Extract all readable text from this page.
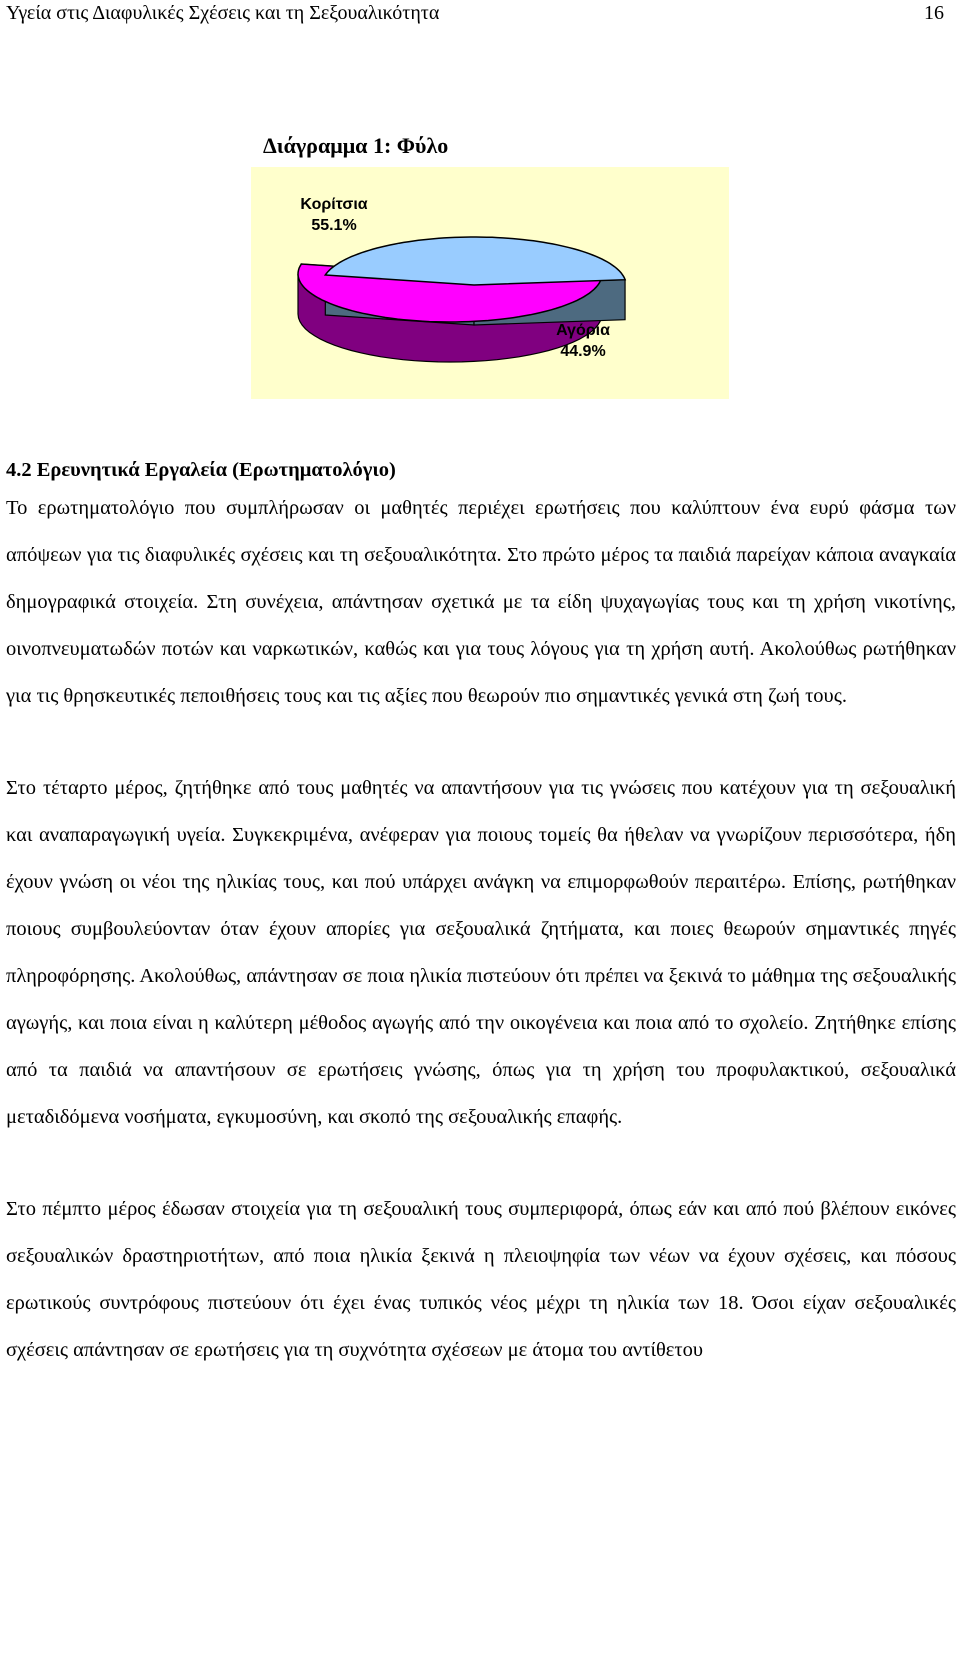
Υγεία στις Διαφυλικές Σχέσεις και τη Σεξουαλικότητα	16
Διάγραμμα 1: Φύλο
Κορίτσια
55.1%
Αγόρια
44.9%

4.2 Ερευνητικά Εργαλεία (Ερωτηματολόγιο)

Το ερωτηματολόγιο που συμπλήρωσαν οι μαθητές περιέχει ερωτήσεις που καλύπτουν ένα ευρύ φάσμα των απόψεων για τις διαφυλικές σχέσεις και τη σεξουαλικότητα. Στο πρώτο μέρος τα παιδιά παρείχαν κάποια αναγκαία δημογραφικά στοιχεία. Στη συνέχεια, απάντησαν σχετικά με τα είδη ψυχαγωγίας τους και τη χρήση νικοτίνης, οινοπνευματωδών ποτών και ναρκωτικών, καθώς και για τους λόγους για τη χρήση αυτή. Ακολούθως ρωτήθηκαν για τις θρησκευτικές πεποιθήσεις τους και τις αξίες που θεωρούν πιο σημαντικές γενικά στη ζωή τους.

Στο τέταρτο μέρος, ζητήθηκε από τους μαθητές να απαντήσουν για τις γνώσεις που κατέχουν για τη σεξουαλική και αναπαραγωγική υγεία. Συγκεκριμένα, ανέφεραν για ποιους τομείς θα ήθελαν να γνωρίζουν περισσότερα, ήδη έχουν γνώση οι νέοι της ηλικίας τους, και πού υπάρχει ανάγκη να επιμορφωθούν περαιτέρω. Επίσης, ρωτήθηκαν ποιους συμβουλεύονταν όταν έχουν απορίες για σεξουαλικά ζητήματα, και ποιες θεωρούν σημαντικές πηγές πληροφόρησης. Ακολούθως, απάντησαν σε ποια ηλικία πιστεύουν ότι πρέπει να ξεκινά το μάθημα της σεξουαλικής αγωγής, και ποια είναι η καλύτερη μέθοδος αγωγής από την οικογένεια και ποια από το σχολείο. Ζητήθηκε επίσης από τα παιδιά να απαντήσουν σε ερωτήσεις γνώσης, όπως για τη χρήση του προφυλακτικού, σεξουαλικά μεταδιδόμενα νοσήματα, εγκυμοσύνη, και σκοπό της σεξουαλικής επαφής.

Στο πέμπτο μέρος έδωσαν στοιχεία για τη σεξουαλική τους συμπεριφορά, όπως εάν και από πού βλέπουν εικόνες σεξουαλικών δραστηριοτήτων, από ποια ηλικία ξεκινά η πλειοψηφία των νέων να έχουν σχέσεις, και πόσους ερωτικούς συντρόφους πιστεύουν ότι έχει ένας τυπικός νέος μέχρι τη ηλικία των 18. Όσοι είχαν σεξουαλικές σχέσεις απάντησαν σε ερωτήσεις για τη συχνότητα σχέσεων με άτομα του αντίθετου
